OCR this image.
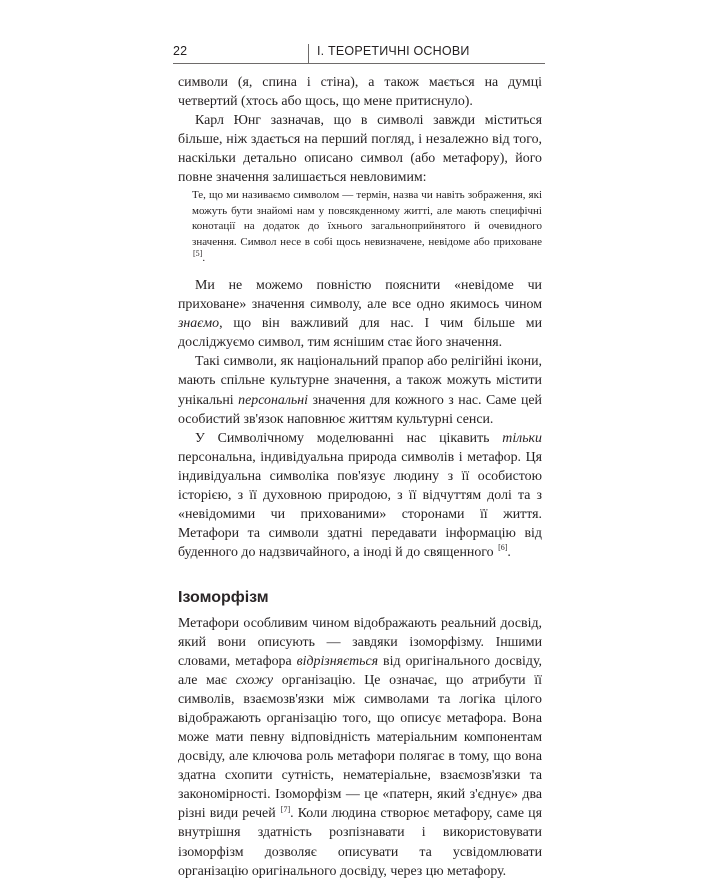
22	І. ТЕОРЕТИЧНІ ОСНОВИ

символи (я, спина і стіна), а також мається на думці четвертий (хтось або щось, що мене притиснуло).

Карл Юнг зазначав, що в символі завжди міститься більше, ніж здається на перший погляд, і незалежно від того, наскільки детально описано символ (або метафору), його повне значення залишається невловимим:

Те, що ми називаємо символом — термін, назва чи навіть зображення, які можуть бути знайомі нам у повсякденному житті, але мають специфічні конотації на додаток до їхнього загальноприйнятого й очевидного значення. Символ несе в собі щось невизначене, невідоме або приховане [5].

Ми не можемо повністю пояснити «невідоме чи приховане» значення символу, але все одно якимось чином знаємо, що він важливий для нас. І чим більше ми досліджуємо символ, тим яснішим стає його значення.

Такі символи, як національний прапор або релігійні ікони, мають спільне культурне значення, а також можуть містити унікальні персональні значення для кожного з нас. Саме цей особистий зв'язок наповнює життям культурні сенси.

У Символічному моделюванні нас цікавить тільки персональна, індивідуальна природа символів і метафор. Ця індивідуальна символіка пов'язує людину з її особистою історією, з її духовною природою, з її відчуттям долі та з «невідомими чи прихованими» сторонами її життя. Метафори та символи здатні передавати інформацію від буденного до надзвичайного, а іноді й до священного [6].

Ізоморфізм

Метафори особливим чином відображають реальний досвід, який вони описують — завдяки ізоморфізму. Іншими словами, метафора відрізняється від оригінального досвіду, але має схожу організацію. Це означає, що атрибути її символів, взаємозв'язки між символами та логіка цілого відображають організацію того, що описує метафора. Вона може мати певну відповідність матеріальним компонентам досвіду, але ключова роль метафори полягає в тому, що вона здатна схопити сутність, нематеріальне, взаємозв'язки та закономірності. Ізоморфізм — це «патерн, який з'єднує» два різні види речей [7]. Коли людина створює метафору, саме ця внутрішня здатність розпізнавати і використовувати ізоморфізм дозволяє описувати та усвідомлювати організацію оригінального досвіду, через цю метафору.
